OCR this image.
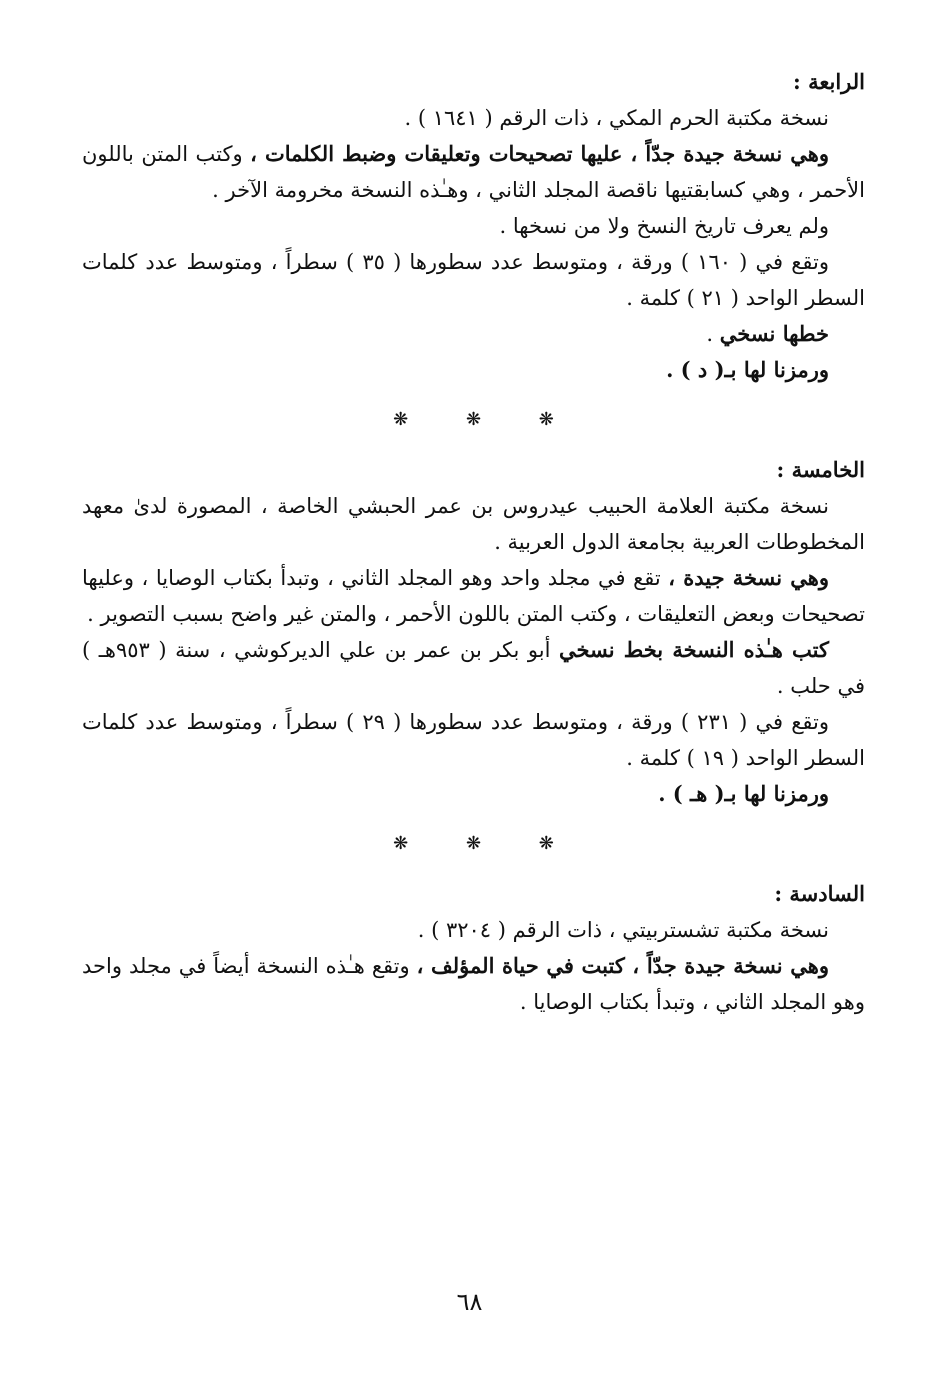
الرابعة :

نسخة مكتبة الحرم المكي ، ذات الرقم ( ١٦٤١ ) .

وهي نسخة جيدة جدّاً ، عليها تصحيحات وتعليقات وضبط الكلمات ، وكتب المتن باللون الأحمر ، وهي كسابقتيها ناقصة المجلد الثاني ، وهـٰذه النسخة مخرومة الآخر .

ولم يعرف تاريخ النسخ ولا من نسخها .

وتقع في ( ١٦٠ ) ورقة ، ومتوسط عدد سطورها ( ٣٥ ) سطراً ، ومتوسط عدد كلمات السطر الواحد ( ٢١ ) كلمة .

خطها نسخي .

ورمزنا لها بـ( د ) .

❋ ❋ ❋

الخامسة :

نسخة مكتبة العلامة الحبيب عيدروس بن عمر الحبشي الخاصة ، المصورة لدىٰ معهد المخطوطات العربية بجامعة الدول العربية .

وهي نسخة جيدة ، تقع في مجلد واحد وهو المجلد الثاني ، وتبدأ بكتاب الوصايا ، وعليها تصحيحات وبعض التعليقات ، وكتب المتن باللون الأحمر ، والمتن غير واضح بسبب التصوير .

كتب هـٰذه النسخة بخط نسخي أبو بكر بن عمر بن علي الديركوشي ، سنة ( ٩٥٣هـ ) في حلب .

وتقع في ( ٢٣١ ) ورقة ، ومتوسط عدد سطورها ( ٢٩ ) سطراً ، ومتوسط عدد كلمات السطر الواحد ( ١٩ ) كلمة .

ورمزنا لها بـ( هـ ) .

❋ ❋ ❋

السادسة :

نسخة مكتبة تشستربيتي ، ذات الرقم ( ٣٢٠٤ ) .

وهي نسخة جيدة جدّاً ، كتبت في حياة المؤلف ، وتقع هـٰذه النسخة أيضاً في مجلد واحد وهو المجلد الثاني ، وتبدأ بكتاب الوصايا .

٦٨
